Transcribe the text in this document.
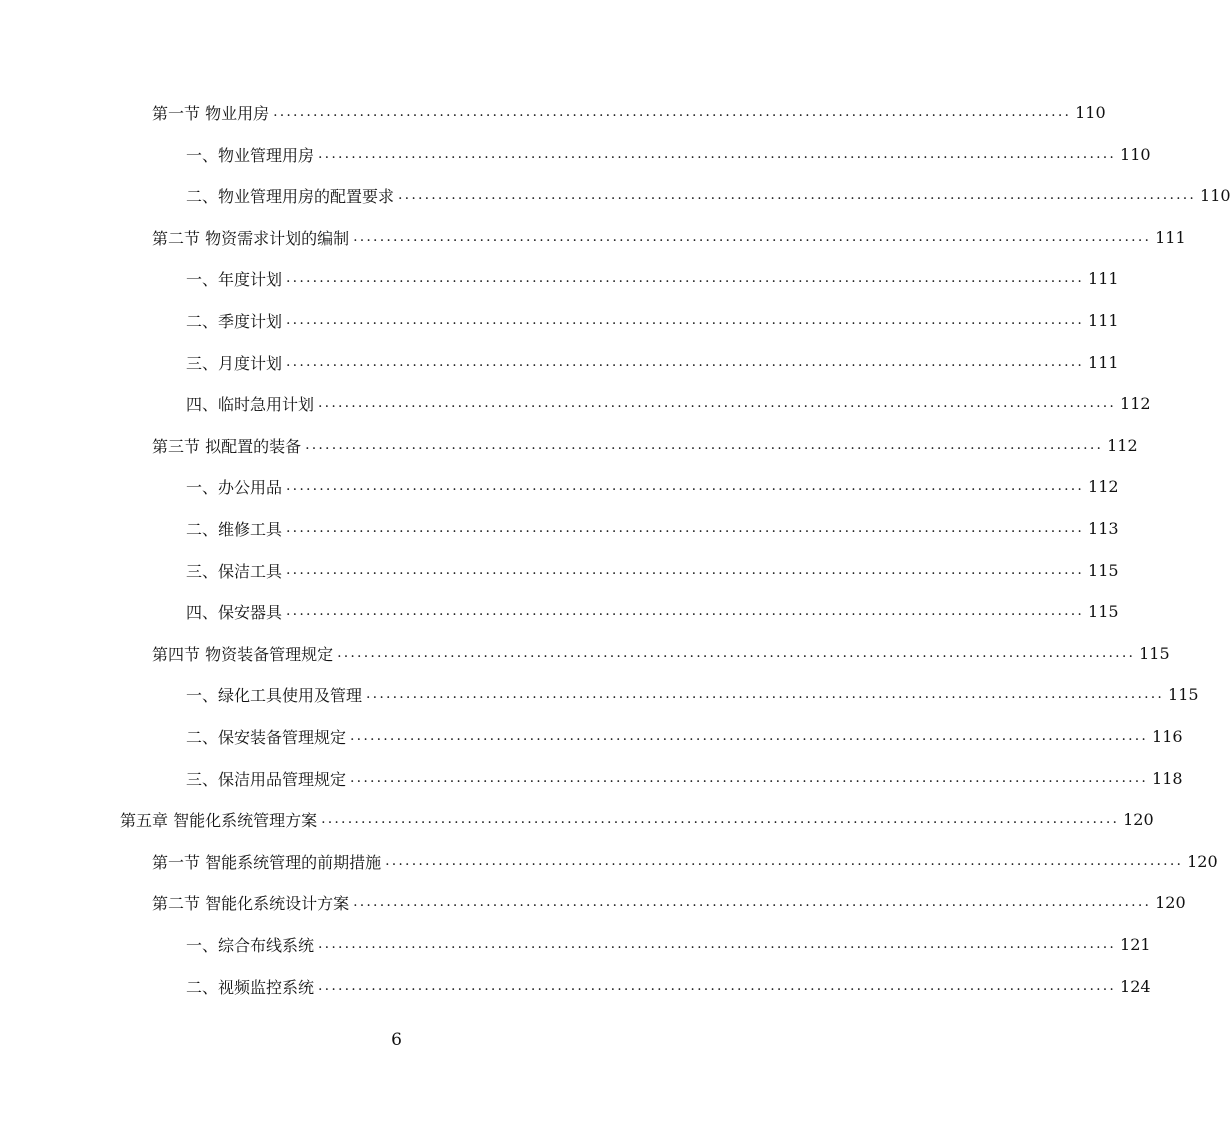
第一节 物业用房 ........................................................................................................................ 110
一、物业管理用房 ........................................................................................................................ 110
二、物业管理用房的配置要求 ........................................................................................................................ 110
第二节 物资需求计划的编制 ........................................................................................................................ 111
一、年度计划 ........................................................................................................................ 111
二、季度计划 ........................................................................................................................ 111
三、月度计划 ........................................................................................................................ 111
四、临时急用计划 ........................................................................................................................ 112
第三节 拟配置的装备 ........................................................................................................................ 112
一、办公用品 ........................................................................................................................ 112
二、维修工具 ........................................................................................................................ 113
三、保洁工具 ........................................................................................................................ 115
四、保安器具 ........................................................................................................................ 115
第四节 物资装备管理规定 ........................................................................................................................ 115
一、绿化工具使用及管理 ........................................................................................................................ 115
二、保安装备管理规定 ........................................................................................................................ 116
三、保洁用品管理规定 ........................................................................................................................ 118
第五章 智能化系统管理方案 ........................................................................................................................ 120
第一节 智能系统管理的前期措施 ........................................................................................................................ 120
第二节 智能化系统设计方案 ........................................................................................................................ 120
一、综合布线系统 ........................................................................................................................ 121
二、视频监控系统 ........................................................................................................................ 124
6
